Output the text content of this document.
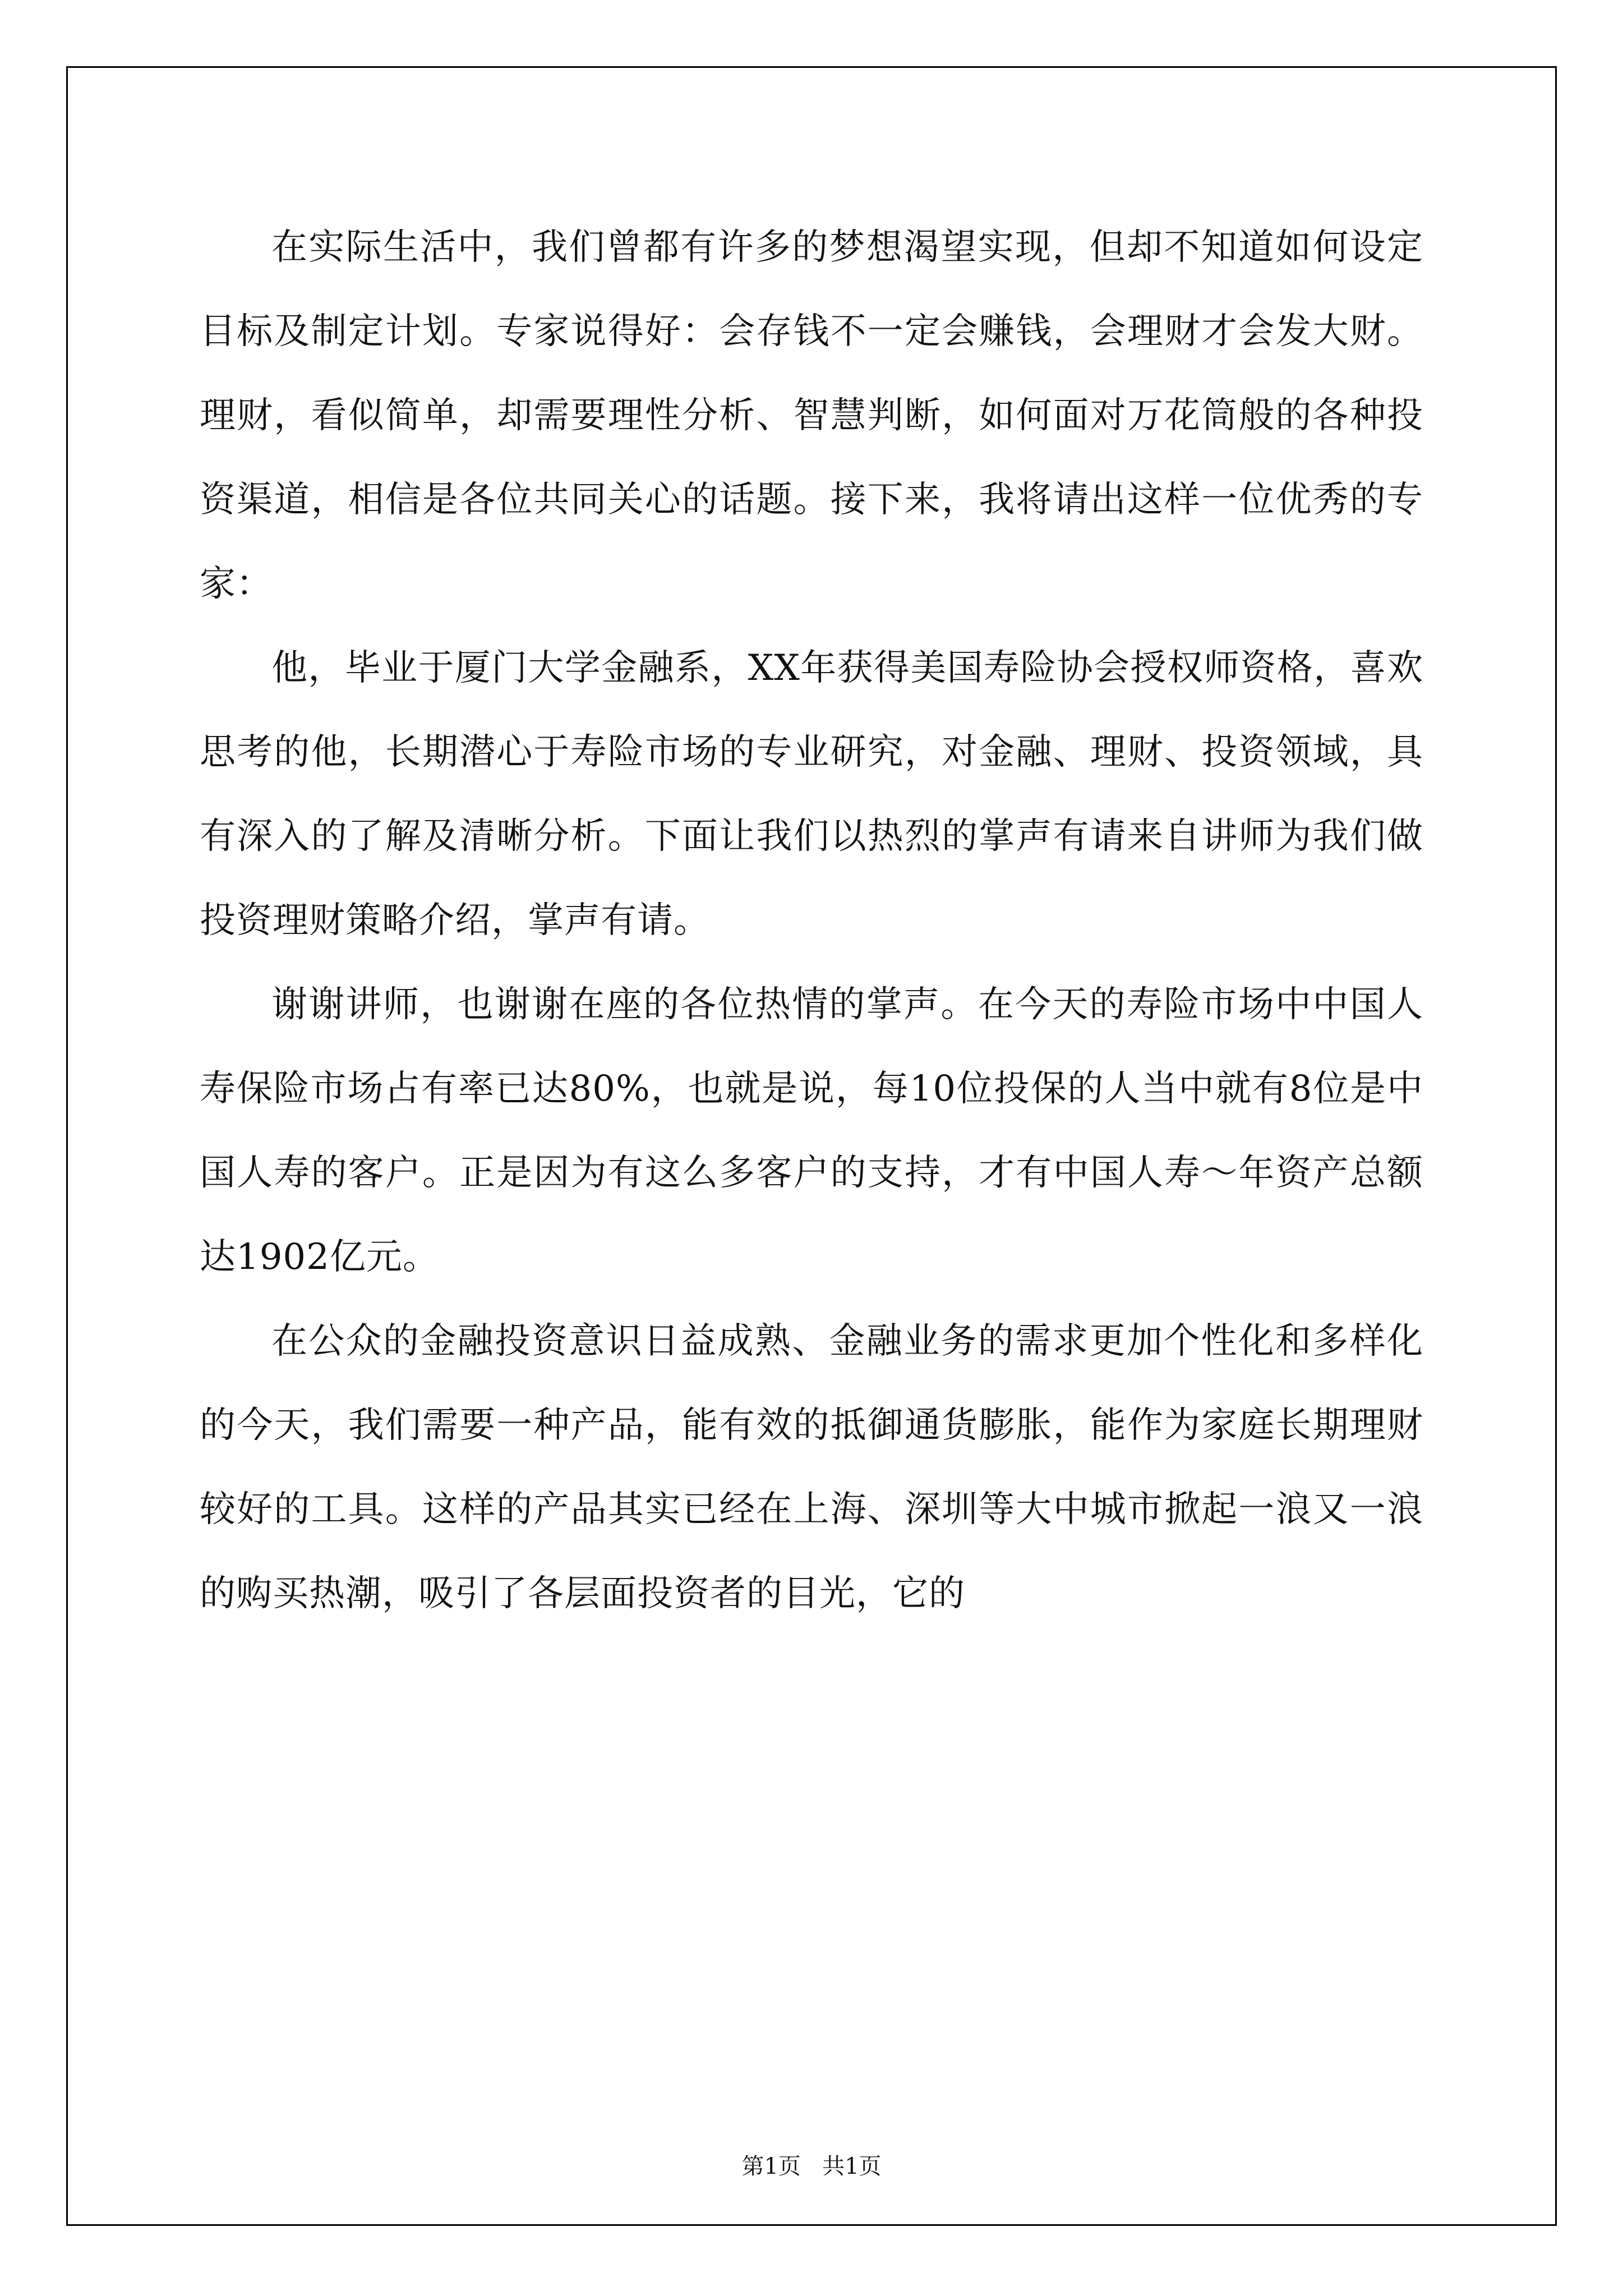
在实际生活中，我们曾都有许多的梦想渴望实现，但却不知道如何设定目标及制定计划。专家说得好：会存钱不一定会赚钱，会理财才会发大财。理财，看似简单，却需要理性分析、智慧判断，如何面对万花筒般的各种投资渠道，相信是各位共同关心的话题。接下来，我将请出这样一位优秀的专家：

他，毕业于厦门大学金融系，XX年获得美国寿险协会授权师资格，喜欢思考的他，长期潜心于寿险市场的专业研究，对金融、理财、投资领域，具有深入的了解及清晰分析。下面让我们以热烈的掌声有请来自讲师为我们做投资理财策略介绍，掌声有请。

谢谢讲师，也谢谢在座的各位热情的掌声。在今天的寿险市场中中国人寿保险市场占有率已达80%，也就是说，每10位投保的人当中就有8位是中国人寿的客户。正是因为有这么多客户的支持，才有中国人寿～年资产总额达1902亿元。

在公众的金融投资意识日益成熟、金融业务的需求更加个性化和多样化的今天，我们需要一种产品，能有效的抵御通货膨胀，能作为家庭长期理财较好的工具。这样的产品其实已经在上海、深圳等大中城市掀起一浪又一浪的购买热潮，吸引了各层面投资者的目光，它的

第1页 共1页
